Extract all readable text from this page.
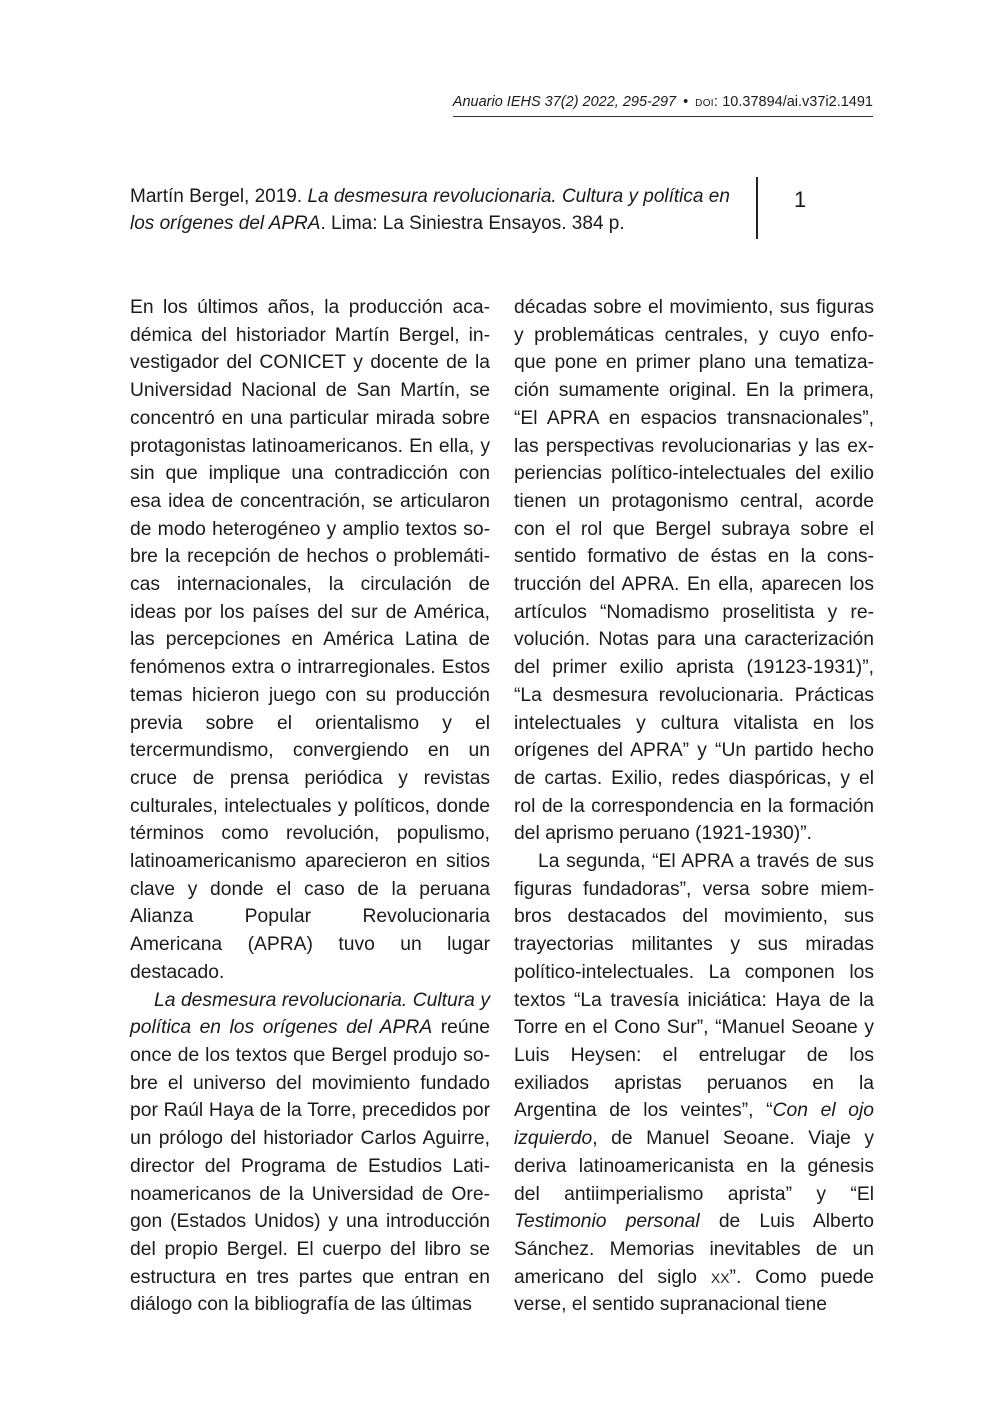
Anuario IEHS 37(2) 2022, 295-297 • doi: 10.37894/ai.v37i2.1491
Martín Bergel, 2019. La desmesura revolucionaria. Cultura y política en los orígenes del APRA. Lima: La Siniestra Ensayos. 384 p.
1

En los últimos años, la producción académica del historiador Martín Bergel, investigador del CONICET y docente de la Universidad Nacional de San Martín, se concentró en una particular mirada sobre protagonistas latinoamericanos. En ella, y sin que implique una contradicción con esa idea de concentración, se articularon de modo heterogéneo y amplio textos sobre la recepción de hechos o problemáticas internacionales, la circulación de ideas por los países del sur de América, las percepciones en América Latina de fenómenos extra o intrarregionales. Estos temas hicieron juego con su producción previa sobre el orientalismo y el tercermundismo, convergiendo en un cruce de prensa periódica y revistas culturales, intelectuales y políticos, donde términos como revolución, populismo, latinoamericanismo aparecieron en sitios clave y donde el caso de la peruana Alianza Popular Revolucionaria Americana (APRA) tuvo un lugar destacado.

La desmesura revolucionaria. Cultura y política en los orígenes del APRA reúne once de los textos que Bergel produjo sobre el universo del movimiento fundado por Raúl Haya de la Torre, precedidos por un prólogo del historiador Carlos Aguirre, director del Programa de Estudios Latinoamericanos de la Universidad de Oregon (Estados Unidos) y una introducción del propio Bergel. El cuerpo del libro se estructura en tres partes que entran en diálogo con la bibliografía de las últimas

décadas sobre el movimiento, sus figuras y problemáticas centrales, y cuyo enfoque pone en primer plano una tematización sumamente original. En la primera, “El APRA en espacios transnacionales”, las perspectivas revolucionarias y las experiencias político-intelectuales del exilio tienen un protagonismo central, acorde con el rol que Bergel subraya sobre el sentido formativo de éstas en la construcción del APRA. En ella, aparecen los artículos “Nomadismo proselitista y revolución. Notas para una caracterización del primer exilio aprista (19123-1931)”, “La desmesura revolucionaria. Prácticas intelectuales y cultura vitalista en los orígenes del APRA” y “Un partido hecho de cartas. Exilio, redes diaspóricas, y el rol de la correspondencia en la formación del aprismo peruano (1921-1930)”.

La segunda, “El APRA a través de sus figuras fundadoras”, versa sobre miembros destacados del movimiento, sus trayectorias militantes y sus miradas político-intelectuales. La componen los textos “La travesía iniciática: Haya de la Torre en el Cono Sur”, “Manuel Seoane y Luis Heysen: el entrelugar de los exiliados apristas peruanos en la Argentina de los veintes”, “Con el ojo izquierdo, de Manuel Seoane. Viaje y deriva latinoamericanista en la génesis del antiimperialismo aprista” y “El Testimonio personal de Luis Alberto Sánchez. Memorias inevitables de un americano del siglo xx”. Como puede verse, el sentido supranacional tiene
